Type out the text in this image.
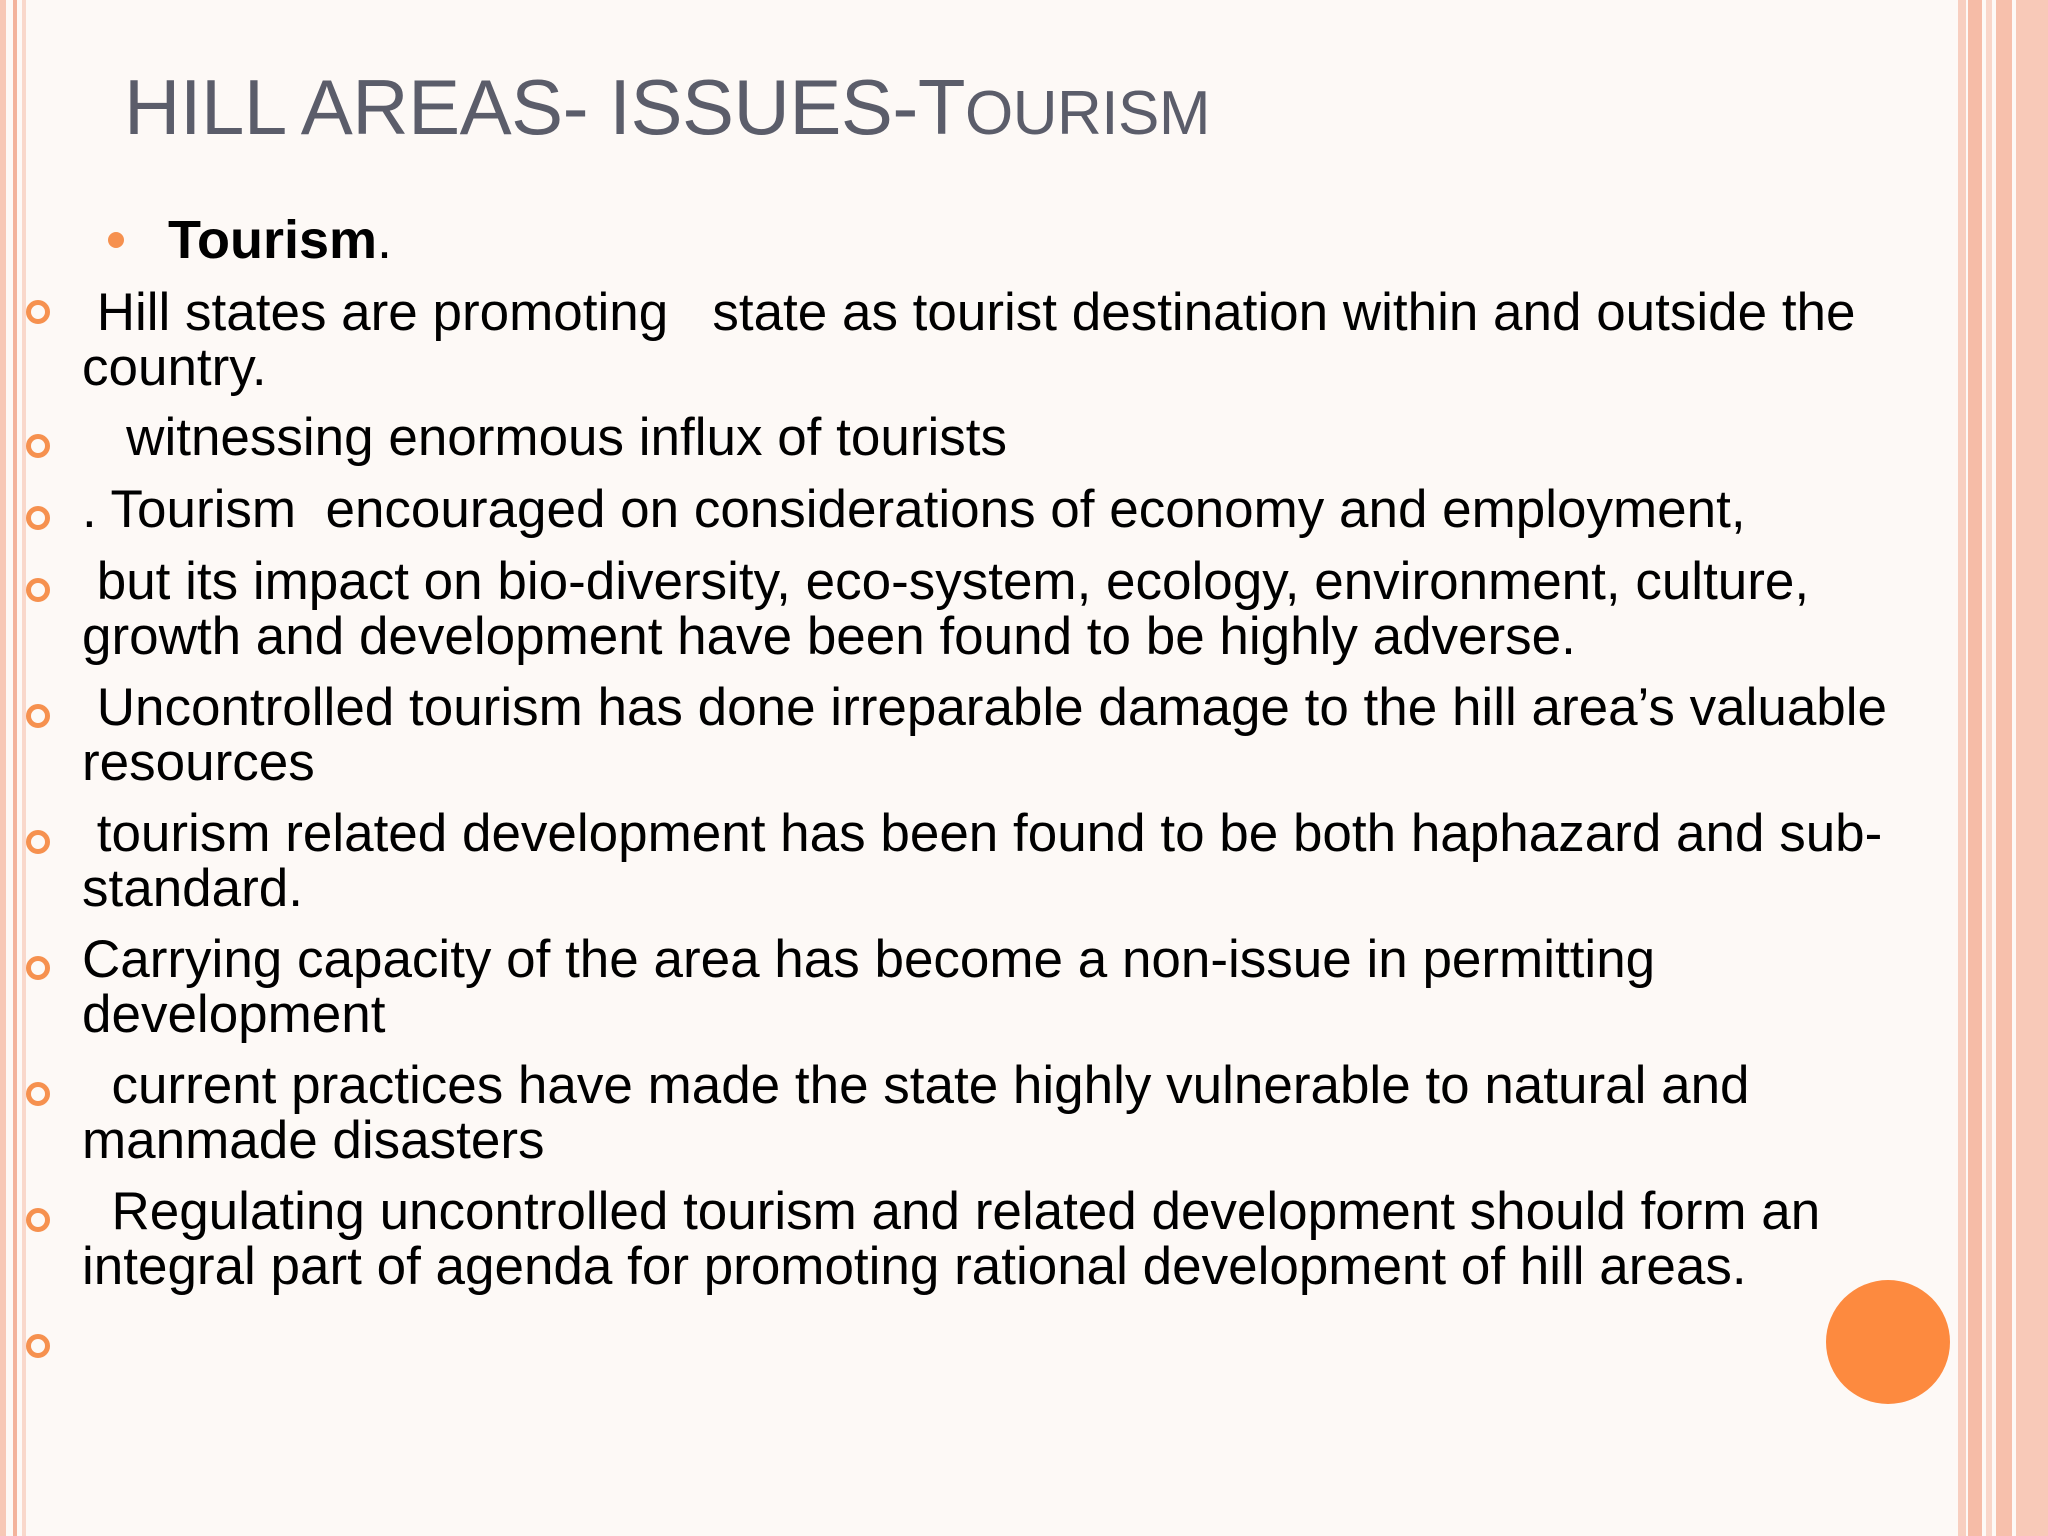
HILL AREAS- ISSUES-TOURISM
Tourism.
Hill states are promoting   state as tourist destination within and outside the
country.
witnessing enormous influx of tourists
. Tourism  encouraged on considerations of economy and employment,
but its impact on bio-diversity, eco-system, ecology, environment, culture,
growth and development have been found to be highly adverse.
Uncontrolled tourism has done irreparable damage to the hill area’s valuable
resources
tourism related development has been found to be both haphazard and sub-
standard.
Carrying capacity of the area has become a non-issue in permitting
development
current practices have made the state highly vulnerable to natural and
manmade disasters
Regulating uncontrolled tourism and related development should form an
integral part of agenda for promoting rational development of hill areas.
